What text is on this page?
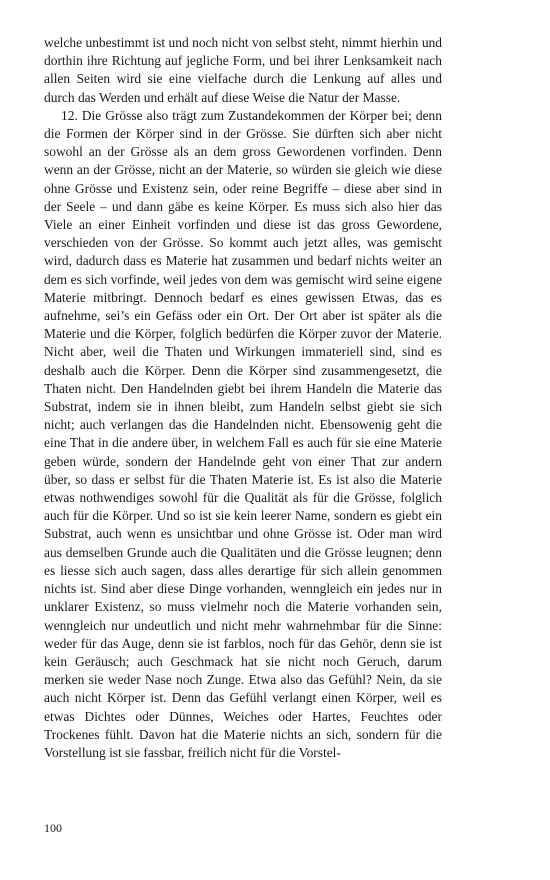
welche unbestimmt ist und noch nicht von selbst steht, nimmt hierhin und dorthin ihre Richtung auf jegliche Form, und bei ihrer Lenksamkeit nach allen Seiten wird sie eine vielfache durch die Lenkung auf alles und durch das Werden und erhält auf diese Weise die Natur der Masse.

12. Die Grösse also trägt zum Zustandekommen der Körper bei; denn die Formen der Körper sind in der Grösse. Sie dürften sich aber nicht sowohl an der Grösse als an dem gross Gewordenen vorfinden. Denn wenn an der Grösse, nicht an der Materie, so würden sie gleich wie diese ohne Grösse und Existenz sein, oder reine Begriffe – diese aber sind in der Seele – und dann gäbe es keine Körper. Es muss sich also hier das Viele an einer Einheit vorfinden und diese ist das gross Gewordene, verschieden von der Grösse. So kommt auch jetzt alles, was gemischt wird, dadurch dass es Materie hat zusammen und bedarf nichts weiter an dem es sich vorfinde, weil jedes von dem was gemischt wird seine eigene Materie mitbringt. Dennoch bedarf es eines gewissen Etwas, das es aufnehme, sei’s ein Gefäss oder ein Ort. Der Ort aber ist später als die Materie und die Körper, folglich bedürfen die Körper zuvor der Materie. Nicht aber, weil die Thaten und Wirkungen immateriell sind, sind es deshalb auch die Körper. Denn die Körper sind zusammengesetzt, die Thaten nicht. Den Handelnden giebt bei ihrem Handeln die Materie das Substrat, indem sie in ihnen bleibt, zum Handeln selbst giebt sie sich nicht; auch verlangen das die Handelnden nicht. Ebensowenig geht die eine That in die andere über, in welchem Fall es auch für sie eine Materie geben würde, sondern der Handelnde geht von einer That zur andern über, so dass er selbst für die Thaten Materie ist. Es ist also die Materie etwas nothwendiges sowohl für die Qualität als für die Grösse, folglich auch für die Körper. Und so ist sie kein leerer Name, sondern es giebt ein Substrat, auch wenn es unsichtbar und ohne Grösse ist. Oder man wird aus demselben Grunde auch die Qualitäten und die Grösse leugnen; denn es liesse sich auch sagen, dass alles derartige für sich allein genommen nichts ist. Sind aber diese Dinge vorhanden, wenngleich ein jedes nur in unklarer Existenz, so muss vielmehr noch die Materie vorhanden sein, wenngleich nur undeutlich und nicht mehr wahrnehmbar für die Sinne: weder für das Auge, denn sie ist farblos, noch für das Gehör, denn sie ist kein Geräusch; auch Geschmack hat sie nicht noch Geruch, darum merken sie weder Nase noch Zunge. Etwa also das Gefühl? Nein, da sie auch nicht Körper ist. Denn das Gefühl verlangt einen Körper, weil es etwas Dichtes oder Dünnes, Weiches oder Hartes, Feuchtes oder Trockenes fühlt. Davon hat die Materie nichts an sich, sondern für die Vorstellung ist sie fassbar, freilich nicht für die Vorstel-

100
